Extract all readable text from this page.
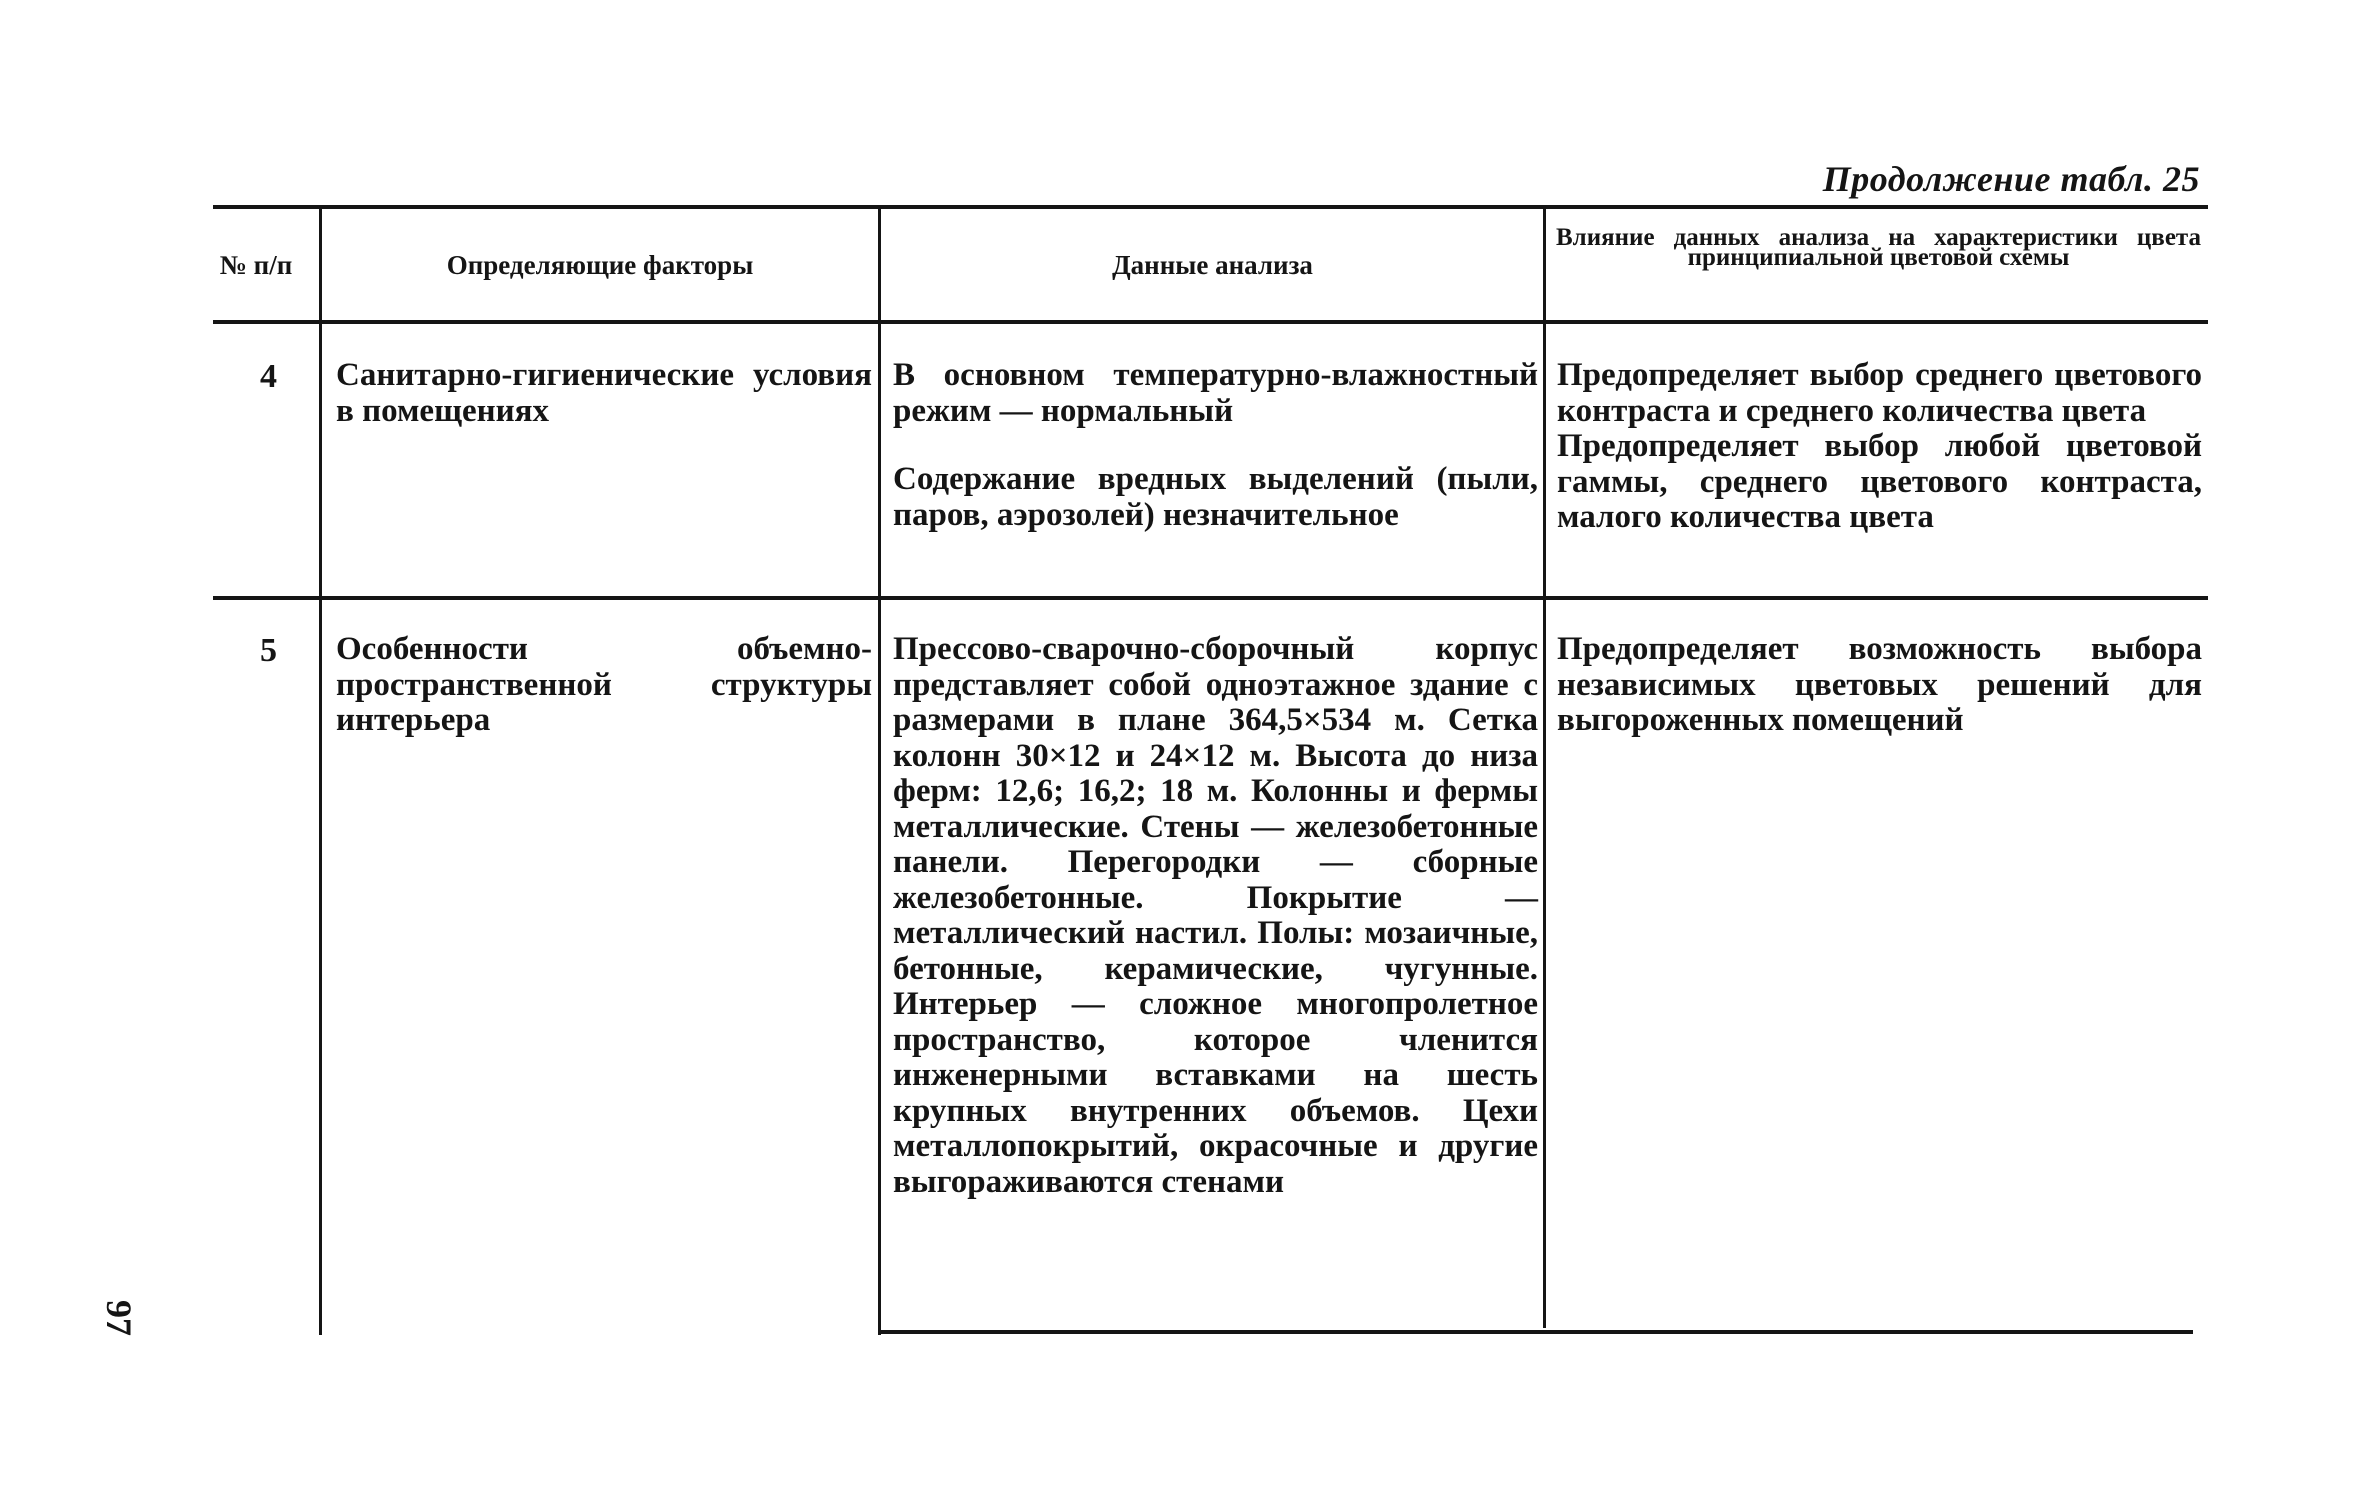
Продолжение табл. 25
№ п/п	Определяющие факторы	Данные анализа
Влияние данных анализа на характеристики цвета принципиальной цветовой схемы
4 Санитарно-гигиенические условия в помещениях

В основном температурно-влажностный режим — нормальный

Содержание вредных выделений (пыли, паров, аэрозолей) незначительное

Предопределяет выбор среднего цветового контраста и среднего количества цвета

Предопределяет выбор любой цветовой гаммы, среднего цветового контраста, малого количества цвета

5 Особенности объемно-пространственной структуры интерьера

Прессово-сварочно-сборочный корпус представляет собой одноэтажное здание с размерами в плане 364,5×534 м. Сетка колонн 30×12 и 24×12 м. Высота до низа ферм: 12,6; 16,2; 18 м. Колонны и фермы металлические. Стены — железобетонные панели. Перегородки — сборные железобетонные. Покрытие — металлический настил. Полы: мозаичные, бетонные, керамические, чугунные. Интерьер — сложное многопролетное пространство, которое членится инженерными вставками на шесть крупных внутренних объемов. Цехи металлопокрытий, окрасочные и другие выгораживаются стенами

Предопределяет возможность выбора независимых цветовых решений для выгороженных помещений

97
